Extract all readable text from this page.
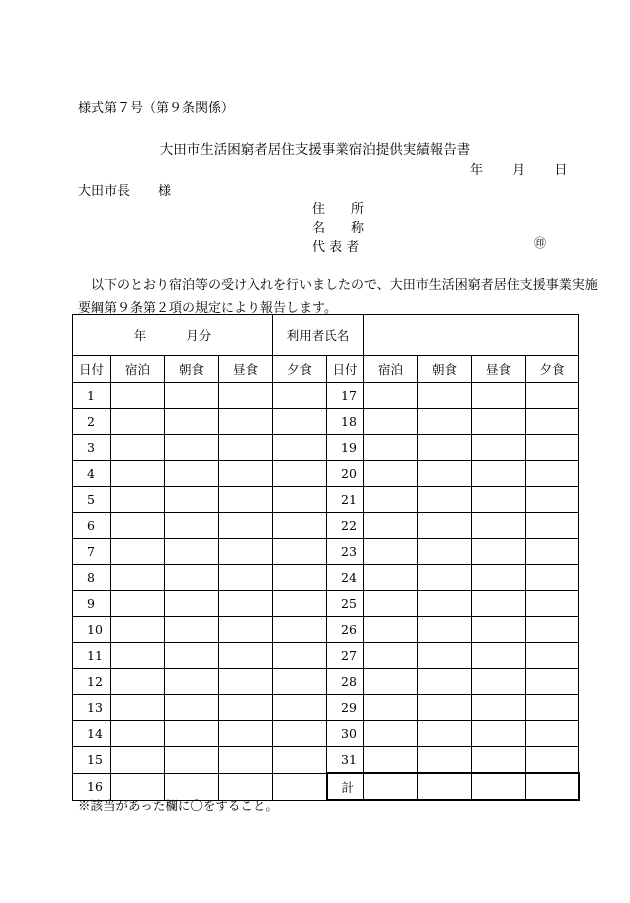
様式第７号（第９条関係）
大田市生活困窮者居住支援事業宿泊提供実績報告書
年 月 日
大田市長 様
住　　所
名　　称
代 表 者	㊞
　以下のとおり宿泊等の受け入れを行いましたので、大田市生活困窮者居住支援事業実施
要綱第９条第２項の規定により報告します。
年 月分				利用者氏名					
日付	宿泊	朝食	昼食	夕食	日付	宿泊	朝食	昼食	夕食
1					17				
2					18				
3					19				
4					20				
5					21				
6					22				
7					23				
8					24				
9					25				
10					26				
11					27				
12					28				
13					29				
14					30				
15					31				
16					計				
※該当があった欄に〇をすること。
